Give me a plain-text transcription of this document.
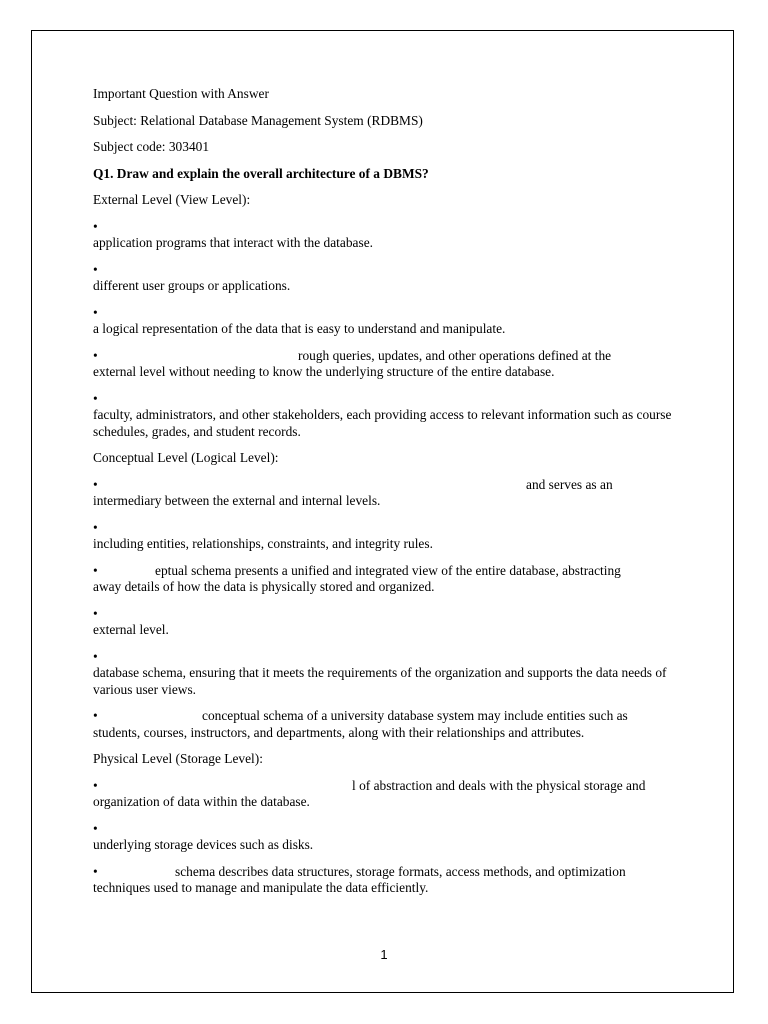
Important Question with Answer

Subject: Relational Database Management System (RDBMS)

Subject code: 303401

Q1. Draw and explain the overall architecture of a DBMS?

External Level (View Level):

•
application programs that interact with the database.
•
different user groups or applications.
•
a logical representation of the data that is easy to understand and manipulate.
•	rough queries, updates, and other operations defined at the
external level without needing to know the underlying structure of the entire database.
•
faculty, administrators, and other stakeholders, each providing access to relevant information such as course schedules, grades, and student records.

Conceptual Level (Logical Level):

•	and serves as an
intermediary between the external and internal levels.
•
including entities, relationships, constraints, and integrity rules.
•	eptual schema presents a unified and integrated view of the entire database, abstracting
away details of how the data is physically stored and organized.
•
external level.
•
database schema, ensuring that it meets the requirements of the organization and supports the data needs of various user views.
•	conceptual schema of a university database system may include entities such as
students, courses, instructors, and departments, along with their relationships and attributes.

Physical Level (Storage Level):

•	l of abstraction and deals with the physical storage and
organization of data within the database.
•
underlying storage devices such as disks.
•	schema describes data structures, storage formats, access methods, and optimization
techniques used to manage and manipulate the data efficiently.
1
